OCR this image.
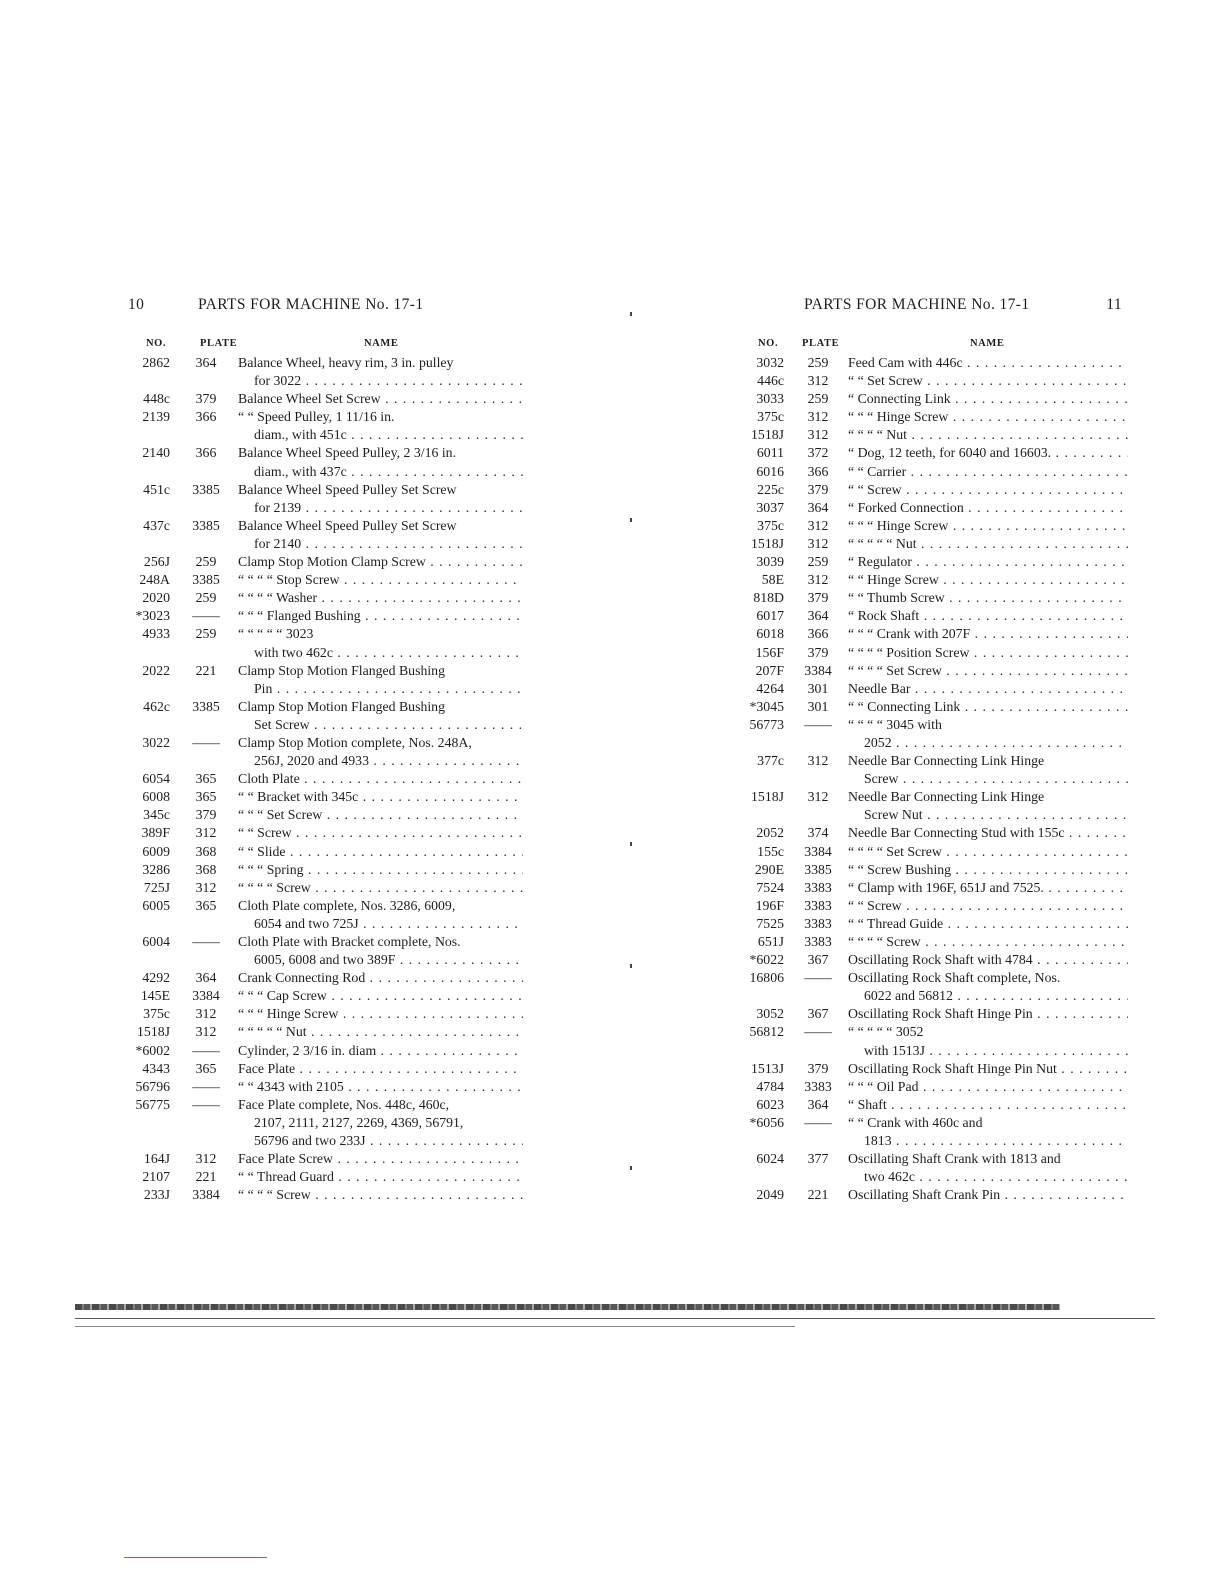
10	PARTS FOR MACHINE No. 17-1
NO.	PLATE	NAME
2862	364	Balance Wheel, heavy rim, 3 in. pulley
for 3022 . . .
448c	379	Balance Wheel Set Screw . . .
2139	366	“ “ Speed Pulley, 1 11/16 in.
diam., with 451c . . .
2140	366	Balance Wheel Speed Pulley, 2 3/16 in.
diam., with 437c . . .
451c	3385	Balance Wheel Speed Pulley Set Screw
for 2139 . . .
437c	3385	Balance Wheel Speed Pulley Set Screw
for 2140 . . .
256J	259	Clamp Stop Motion Clamp Screw . . .
248A	3385	“ “ “ “ Stop Screw . . .
2020	259	“ “ “ “ Washer . . .
*3023	——	“ “ “ Flanged Bushing . . .
4933	259	“ “ “ “ “ 3023
with two 462c . . .
2022	221	Clamp Stop Motion Flanged Bushing
Pin . . .
462c	3385	Clamp Stop Motion Flanged Bushing
Set Screw . . .
3022	——	Clamp Stop Motion complete, Nos. 248A,
256J, 2020 and 4933 . . .
6054	365	Cloth Plate . . .
6008	365	“ “ Bracket with 345c . . .
345c	379	“ “ “ Set Screw . . .
389F	312	“ “ Screw . . .
6009	368	“ “ Slide . . .
3286	368	“ “ “ Spring . . .
725J	312	“ “ “ “ Screw . . .
6005	365	Cloth Plate complete, Nos. 3286, 6009,
6054 and two 725J . . .
6004	——	Cloth Plate with Bracket complete, Nos.
6005, 6008 and two 389F . . .
4292	364	Crank Connecting Rod . . .
145E	3384	“ “ “ Cap Screw . . .
375c	312	“ “ “ Hinge Screw . . .
1518J	312	“ “ “ “ “ Nut . . .
*6002	——	Cylinder, 2 3/16 in. diam . . .
4343	365	Face Plate . . .
56796	——	“ “ 4343 with 2105 . . .
56775	——	Face Plate complete, Nos. 448c, 460c,
2107, 2111, 2127, 2269, 4369, 56791,
56796 and two 233J . . .
164J	312	Face Plate Screw . . .
2107	221	“ “ Thread Guard . . .
233J	3384	“ “ “ “ Screw . . .
PARTS FOR MACHINE No. 17-1	11
NO. PLATE	NAME
3032	259	Feed Cam with 446c . . .
446c	312	“ “ Set Screw . . .
3033	259	“ Connecting Link . . .
375c	312	“ “ “ Hinge Screw . . .
1518J	312	“ “ “ “ Nut . . .
6011	372	“ Dog, 12 teeth, for 6040 and 16603. . . .
6016	366	“ “ Carrier . . .
225c	379	“ “ Screw . . .
3037	364	“ Forked Connection . . .
375c	312	“ “ “ Hinge Screw . . .
1518J	312	“ “ “ “ “ Nut . . .
3039	259	“ Regulator . . .
58E	312	“ “ Hinge Screw . . .
818D	379	“ “ Thumb Screw . . .
6017	364	“ Rock Shaft . . .
6018	366	“ “ “ Crank with 207F . . .
156F	379	“ “ “ “ Position Screw . . .
207F	3384	“ “ “ “ Set Screw . . .
4264	301	Needle Bar . . .
*3045	301	“ “ Connecting Link . . .
56773	——	“ “ “ “ 3045 with
2052 . . .
377c	312	Needle Bar Connecting Link Hinge
Screw . . .
1518J	312	Needle Bar Connecting Link Hinge
Screw Nut . . .
2052	374	Needle Bar Connecting Stud with 155c . . .
155c	3384	“ “ “ “ Set Screw . . .
290E	3385	“ “ Screw Bushing . . .
7524	3383	“ Clamp with 196F, 651J and 7525. . . .
196F	3383	“ “ Screw . . .
7525	3383	“ “ Thread Guide . . .
651J	3383	“ “ “ “ Screw . . .
*6022	367	Oscillating Rock Shaft with 4784 . . .
16806	——	Oscillating Rock Shaft complete, Nos.
6022 and 56812 . . .
3052	367	Oscillating Rock Shaft Hinge Pin . . .
56812	——	“ “ “ “ “ 3052
with 1513J . . .
1513J	379	Oscillating Rock Shaft Hinge Pin Nut . . .
4784	3383	“ “ “ Oil Pad . . .
6023	364	“ Shaft . . .
*6056	——	“ “ Crank with 460c and
1813 . . .
6024	377	Oscillating Shaft Crank with 1813 and
two 462c . . .
2049	221	Oscillating Shaft Crank Pin . . .
